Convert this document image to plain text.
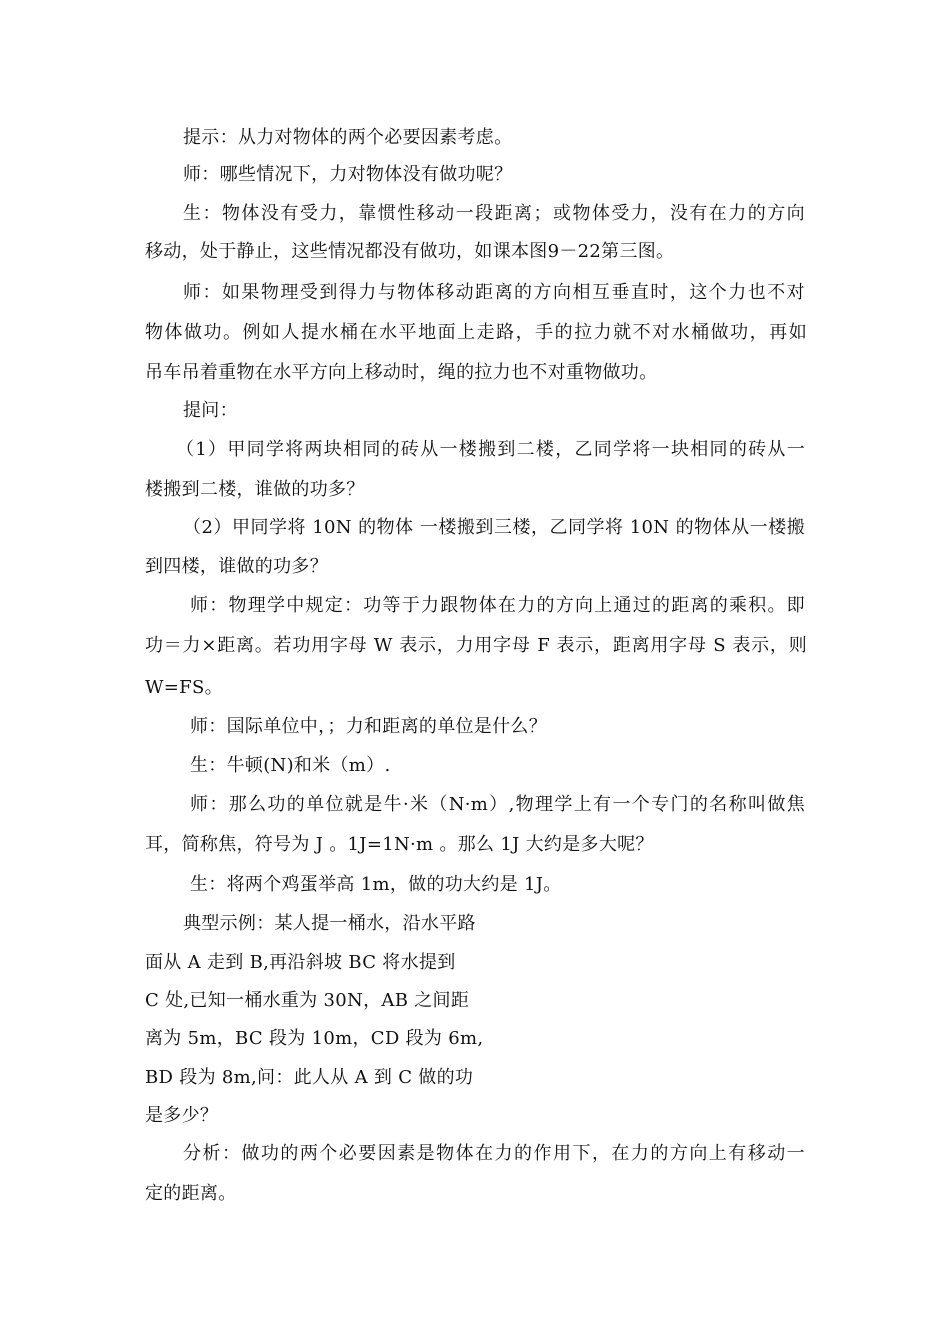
提示：从力对物体的两个必要因素考虑。
师：哪些情况下，力对物体没有做功呢？
生：物体没有受力，靠惯性移动一段距离；或物体受力，没有在力的方向
移动，处于静止，这些情况都没有做功，如课本图9－22第三图。
师：如果物理受到得力与物体移动距离的方向相互垂直时，这个力也不对
物体做功。例如人提水桶在水平地面上走路，手的拉力就不对水桶做功，再如
吊车吊着重物在水平方向上移动时，绳的拉力也不对重物做功。
提问：
（1）甲同学将两块相同的砖从一楼搬到二楼，乙同学将一块相同的砖从一
楼搬到二楼，谁做的功多？
（2）甲同学将 10N 的物体 一楼搬到三楼，乙同学将 10N 的物体从一楼搬
到四楼，谁做的功多？
师：物理学中规定：功等于力跟物体在力的方向上通过的距离的乘积。即
功＝力×距离。若功用字母 W 表示，力用字母 F 表示，距离用字母 S 表示，则
W=FS。
师：国际单位中，；力和距离的单位是什么？
生：牛顿(N)和米（m）.
师：那么功的单位就是牛·米（N·m）,物理学上有一个专门的名称叫做焦
耳，简称焦，符号为 J 。1J=1N·m 。那么 1J 大约是多大呢？
生：将两个鸡蛋举高 1m，做的功大约是 1J。
典型示例：某人提一桶水，沿水平路
面从 A 走到 B,再沿斜坡 BC 将水提到
C 处,已知一桶水重为 30N，AB 之间距
离为 5m，BC 段为 10m，CD 段为 6m,
BD 段为 8m,问：此人从 A 到 C 做的功
是多少？
分析：做功的两个必要因素是物体在力的作用下，在力的方向上有移动一
定的距离。
